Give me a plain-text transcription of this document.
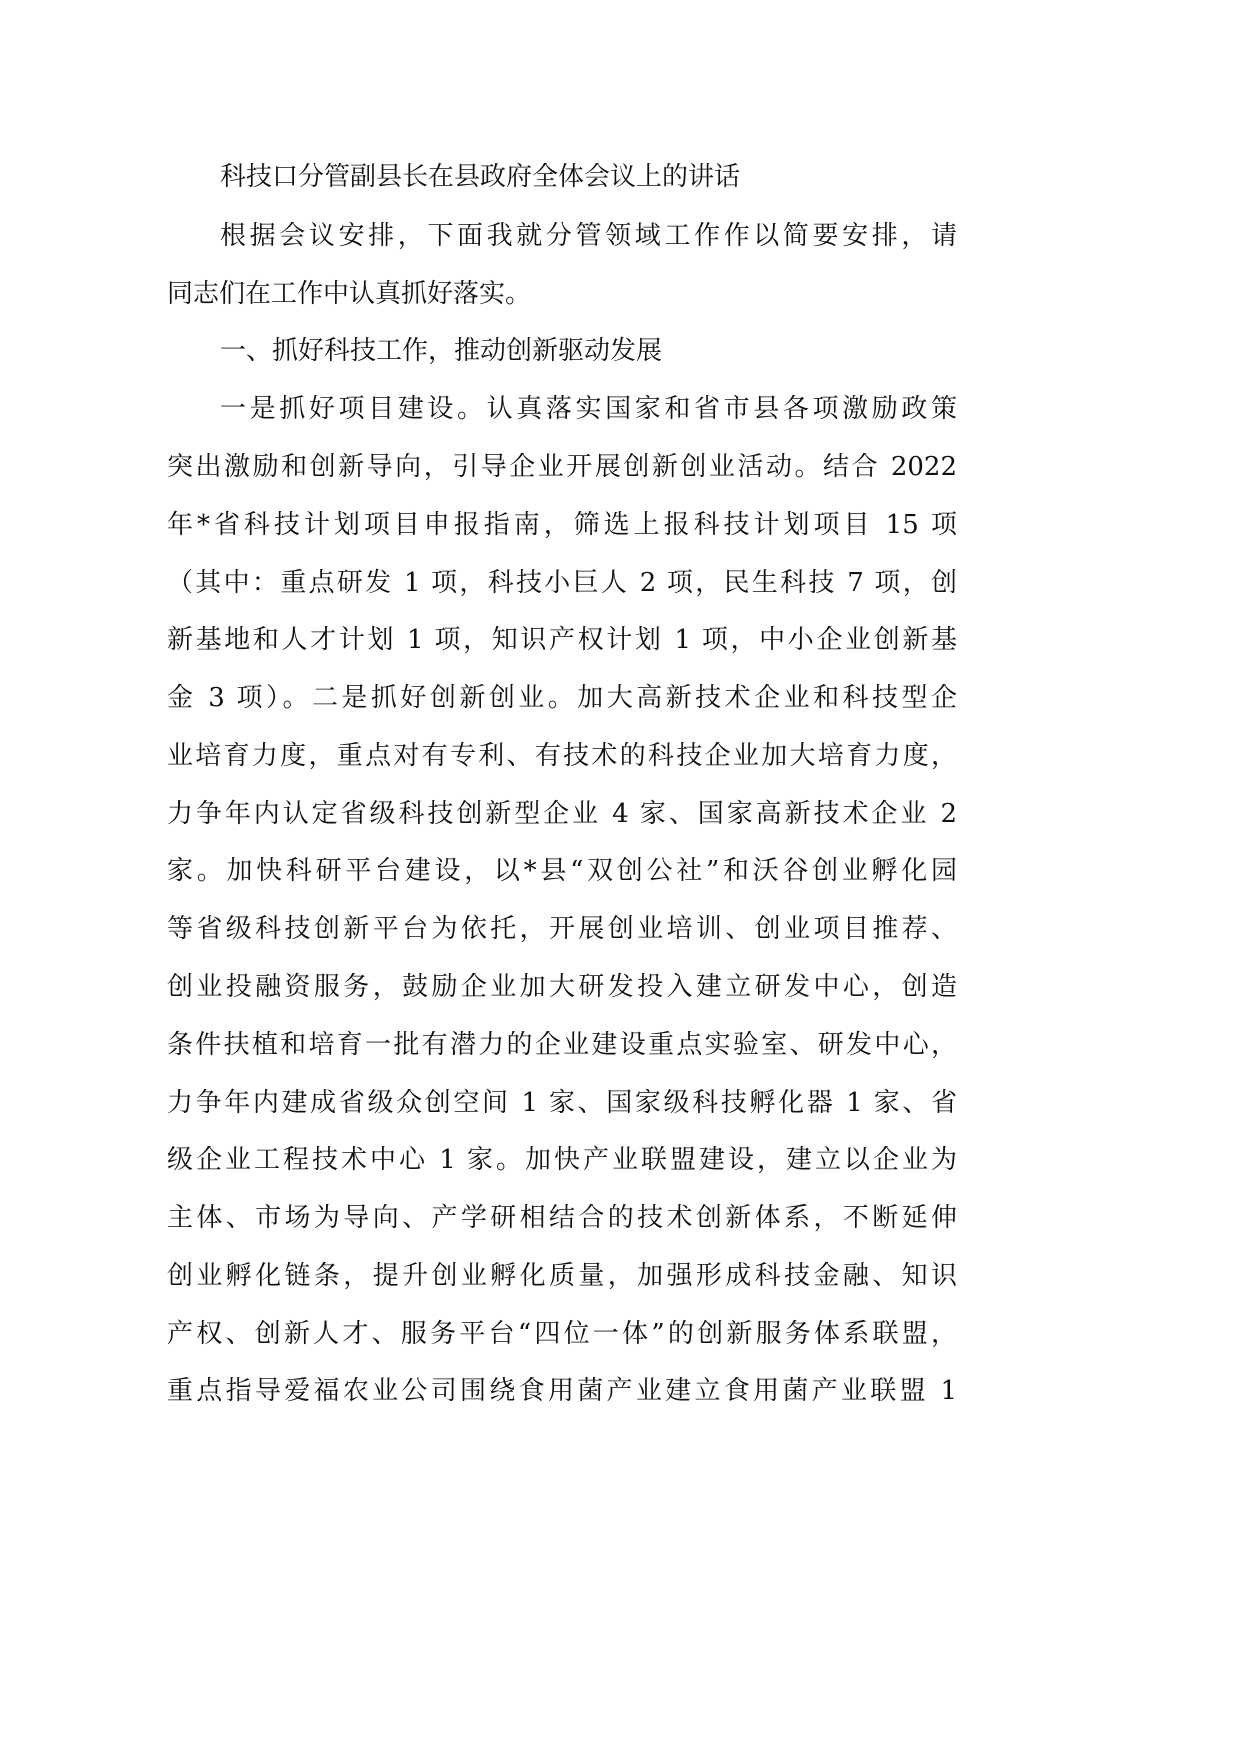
科技口分管副县长在县政府全体会议上的讲话
根据会议安排，下面我就分管领域工作作以简要安排，请
同志们在工作中认真抓好落实。
一、抓好科技工作，推动创新驱动发展
一是抓好项目建设。认真落实国家和省市县各项激励政策
突出激励和创新导向，引导企业开展创新创业活动。结合 2022
年*省科技计划项目申报指南，筛选上报科技计划项目 15 项
（其中：重点研发 1 项，科技小巨人 2 项，民生科技 7 项，创
新基地和人才计划 1 项，知识产权计划 1 项，中小企业创新基
金 3 项）。二是抓好创新创业。加大高新技术企业和科技型企
业培育力度，重点对有专利、有技术的科技企业加大培育力度，
力争年内认定省级科技创新型企业 4 家、国家高新技术企业 2
家。加快科研平台建设，以*县“双创公社”和沃谷创业孵化园
等省级科技创新平台为依托，开展创业培训、创业项目推荐、
创业投融资服务，鼓励企业加大研发投入建立研发中心，创造
条件扶植和培育一批有潜力的企业建设重点实验室、研发中心，
力争年内建成省级众创空间 1 家、国家级科技孵化器 1 家、省
级企业工程技术中心 1 家。加快产业联盟建设，建立以企业为
主体、市场为导向、产学研相结合的技术创新体系，不断延伸
创业孵化链条，提升创业孵化质量，加强形成科技金融、知识
产权、创新人才、服务平台“四位一体”的创新服务体系联盟，
重点指导爱福农业公司围绕食用菌产业建立食用菌产业联盟 1
